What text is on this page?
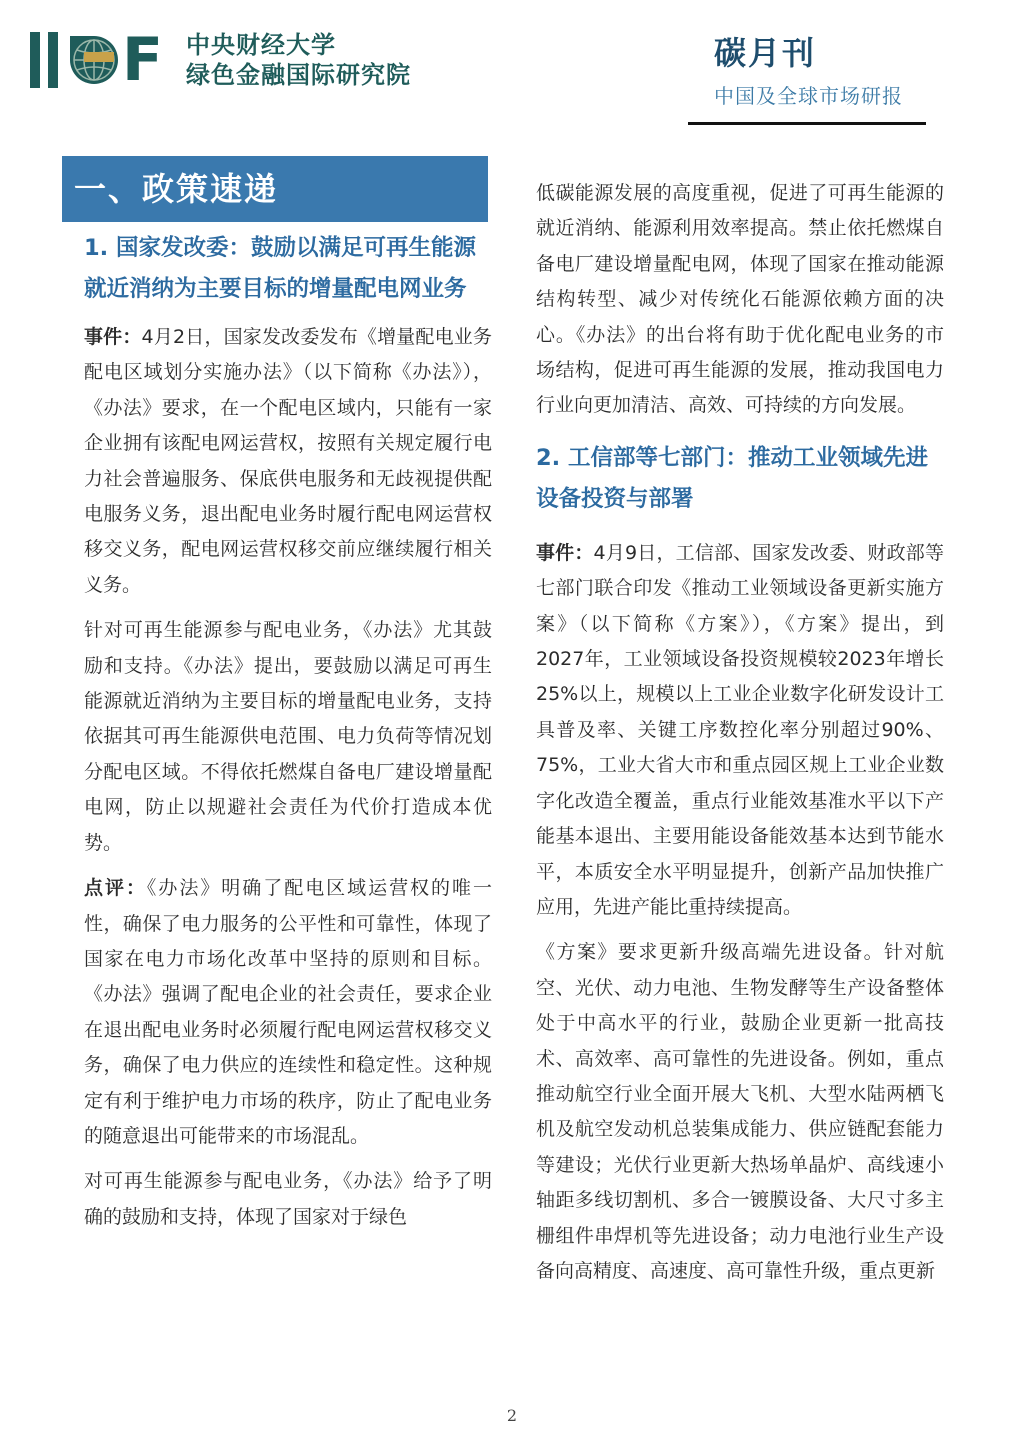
F 中央财经大学
绿色金融国际研究院
碳月刊
中国及全球市场研报
一、政策速递
1. 国家发改委：鼓励以满足可再生能源就近消纳为主要目标的增量配电网业务

事件：4月2日，国家发改委发布《增量配电业务配电区域划分实施办法》（以下简称《办法》），《办法》要求，在一个配电区域内，只能有一家企业拥有该配电网运营权，按照有关规定履行电力社会普遍服务、保底供电服务和无歧视提供配电服务义务，退出配电业务时履行配电网运营权移交义务，配电网运营权移交前应继续履行相关义务。

针对可再生能源参与配电业务，《办法》尤其鼓励和支持。《办法》提出，要鼓励以满足可再生能源就近消纳为主要目标的增量配电业务，支持依据其可再生能源供电范围、电力负荷等情况划分配电区域。不得依托燃煤自备电厂建设增量配电网，防止以规避社会责任为代价打造成本优势。

点评：《办法》明确了配电区域运营权的唯一性，确保了电力服务的公平性和可靠性，体现了国家在电力市场化改革中坚持的原则和目标。《办法》强调了配电企业的社会责任，要求企业在退出配电业务时必须履行配电网运营权移交义务，确保了电力供应的连续性和稳定性。这种规定有利于维护电力市场的秩序，防止了配电业务的随意退出可能带来的市场混乱。

对可再生能源参与配电业务，《办法》给予了明确的鼓励和支持，体现了国家对于绿色

低碳能源发展的高度重视，促进了可再生能源的就近消纳、能源利用效率提高。禁止依托燃煤自备电厂建设增量配电网，体现了国家在推动能源结构转型、减少对传统化石能源依赖方面的决心。《办法》的出台将有助于优化配电业务的市场结构，促进可再生能源的发展，推动我国电力行业向更加清洁、高效、可持续的方向发展。

2. 工信部等七部门：推动工业领域先进设备投资与部署

事件：4月9日，工信部、国家发改委、财政部等七部门联合印发《推动工业领域设备更新实施方案》（以下简称《方案》），《方案》提出，到2027年，工业领域设备投资规模较2023年增长25%以上，规模以上工业企业数字化研发设计工具普及率、关键工序数控化率分别超过90%、75%，工业大省大市和重点园区规上工业企业数字化改造全覆盖，重点行业能效基准水平以下产能基本退出、主要用能设备能效基本达到节能水平，本质安全水平明显提升，创新产品加快推广应用，先进产能比重持续提高。

《方案》要求更新升级高端先进设备。针对航空、光伏、动力电池、生物发酵等生产设备整体处于中高水平的行业，鼓励企业更新一批高技术、高效率、高可靠性的先进设备。例如，重点推动航空行业全面开展大飞机、大型水陆两栖飞机及航空发动机总装集成能力、供应链配套能力等建设；光伏行业更新大热场单晶炉、高线速小轴距多线切割机、多合一镀膜设备、大尺寸多主栅组件串焊机等先进设备；动力电池行业生产设备向高精度、高速度、高可靠性升级，重点更新

2
